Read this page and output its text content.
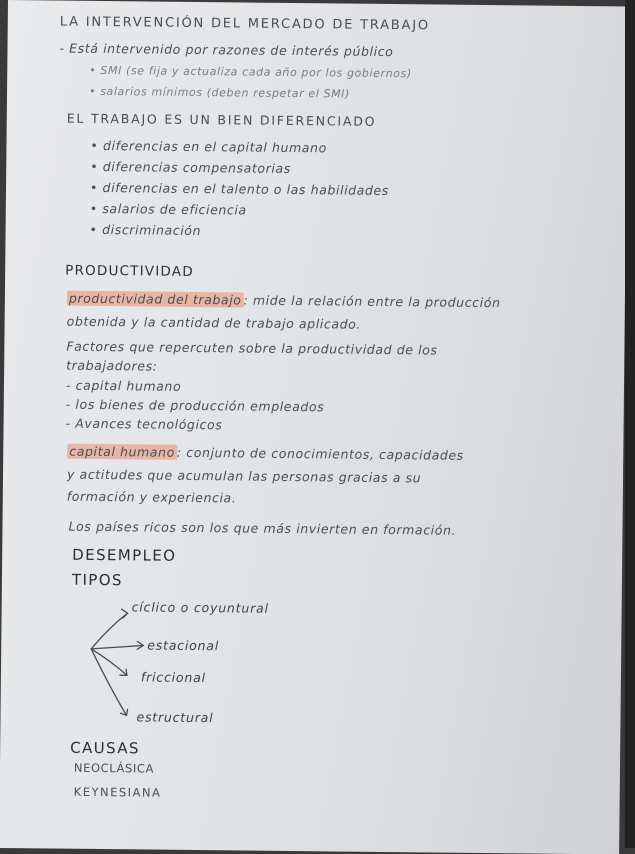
LA INTERVENCIÓN DEL MERCADO DE TRABAJO
- Está intervenido por razones de interés público
• SMI (se fija y actualiza cada año por los gobiernos)
• salarios mínimos (deben respetar el SMI)
EL TRABAJO ES UN BIEN DIFERENCIADO
• diferencias en el capital humano
• diferencias compensatorias
• diferencias en el talento o las habilidades
• salarios de eficiencia
• discriminación
PRODUCTIVIDAD
productividad del trabajo : mide la relación entre la producción
obtenida y la cantidad de trabajo aplicado.
Factores que repercuten sobre la productividad de los
trabajadores:
- capital humano
- los bienes de producción empleados
- Avances tecnológicos
capital humano : conjunto de conocimientos, capacidades
y actitudes que acumulan las personas gracias a su
formación y experiencia.
Los países ricos son los que más invierten en formación.
DESEMPLEO
TIPOS
cíclico o coyuntural
estacional
friccional
estructural
CAUSAS
NEOCLÁSICA
KEYNESIANA
